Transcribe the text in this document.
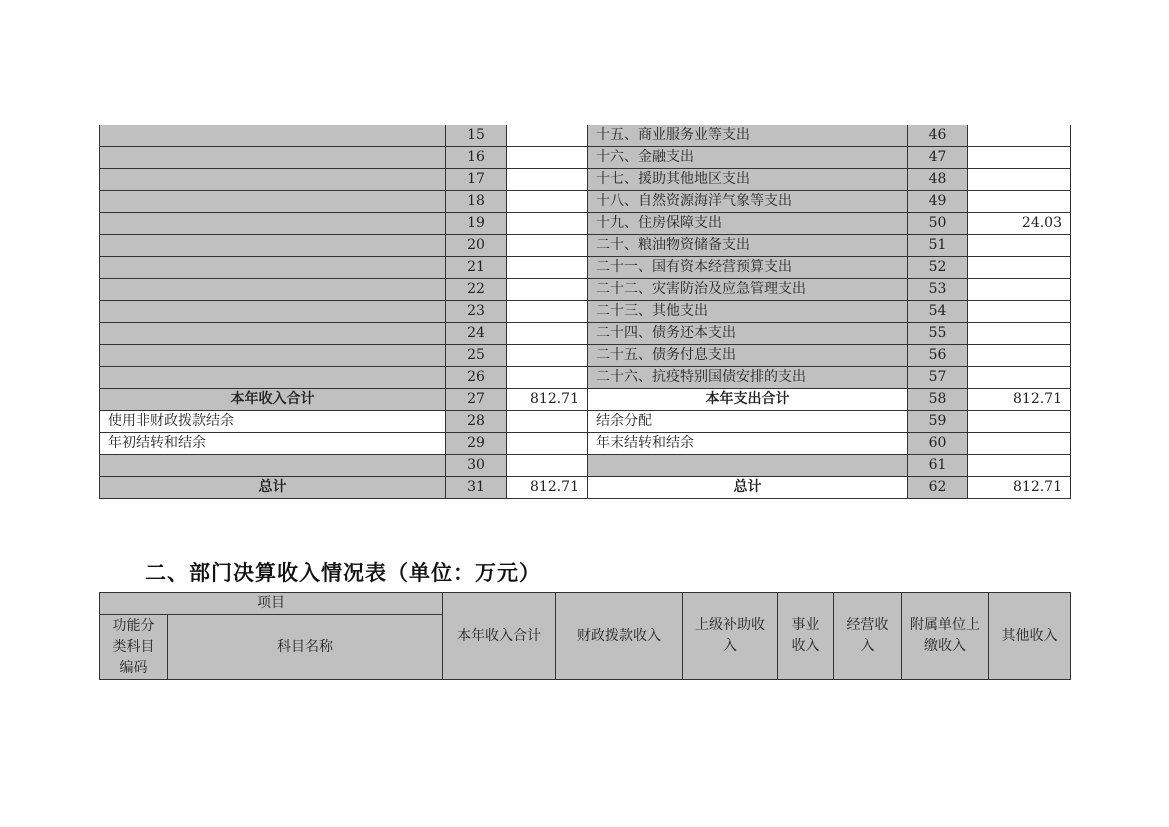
	15		十五、商业服务业等支出	46	
	16		十六、金融支出	47	
	17		十七、援助其他地区支出	48	
	18		十八、自然资源海洋气象等支出	49	
	19		十九、住房保障支出	50	24.03
	20		二十、粮油物资储备支出	51	
	21		二十一、国有资本经营预算支出	52	
	22		二十二、灾害防治及应急管理支出	53	
	23		二十三、其他支出	54	
	24		二十四、债务还本支出	55	
	25		二十五、债务付息支出	56	
	26		二十六、抗疫特别国债安排的支出	57	
本年收入合计	27	812.71	本年支出合计	58	812.71
使用非财政拨款结余	28		结余分配	59	
年初结转和结余	29		年末结转和结余	60	
	30			61	
总计	31	812.71	总计	62	812.71
二、部门决算收入情况表（单位：万元）
项目		本年收入合计	财政拨款收入	上级补助收入	事业收入	经营收入	附属单位上缴收入	其他收入
功能分类科目编码	科目名称							
